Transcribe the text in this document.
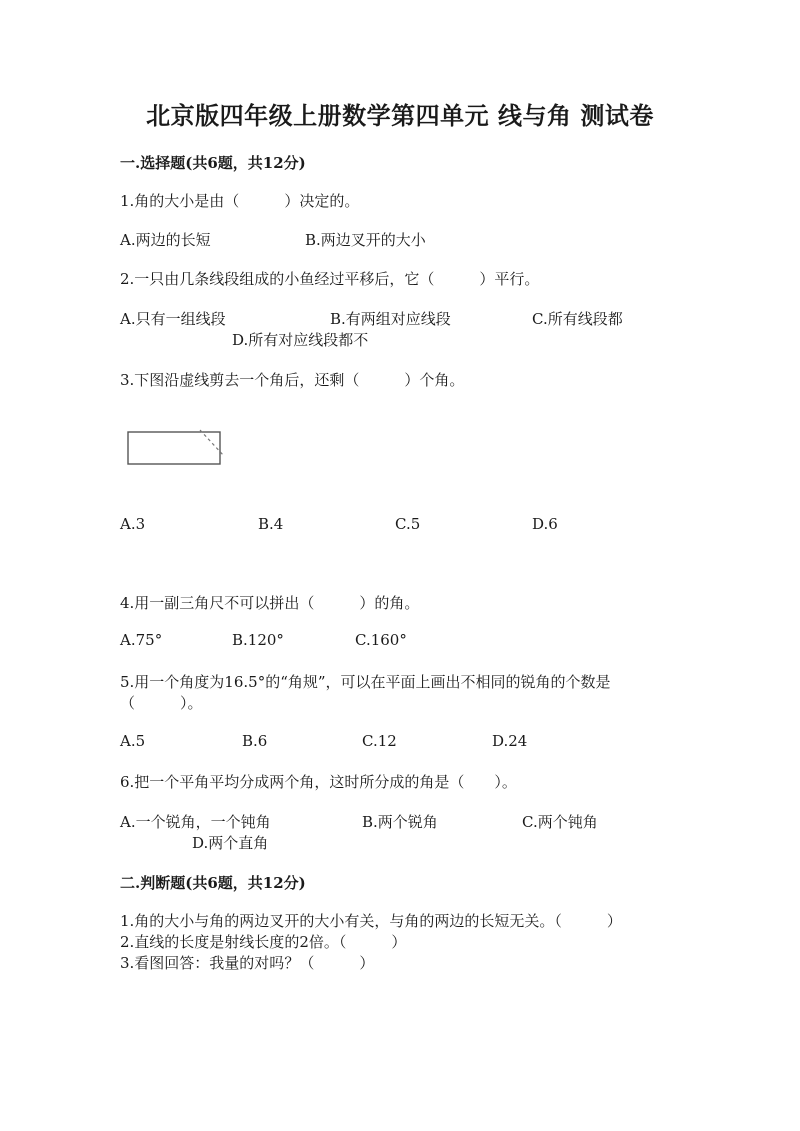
北京版四年级上册数学第四单元 线与角 测试卷
一.选择题(共6题，共12分)
1.角的大小是由（　　　）决定的。
A.两边的长短	B.两边叉开的大小
2.一只由几条线段组成的小鱼经过平移后，它（　　　）平行。
A.只有一组线段	B.有两组对应线段	C.所有线段都
D.所有对应线段都不
3.下图沿虚线剪去一个角后，还剩（　　　）个角。
A.3	B.4	C.5	D.6
4.用一副三角尺不可以拼出（　　　）的角。
A.75°	B.120°	C.160°
5.用一个角度为16.5°的“角规”，可以在平面上画出不相同的锐角的个数是
（　　　）。
A.5	B.6	C.12	D.24
6.把一个平角平均分成两个角，这时所分成的角是（　　）。
A.一个锐角，一个钝角	B.两个锐角	C.两个钝角
D.两个直角
二.判断题(共6题，共12分)
1.角的大小与角的两边叉开的大小有关，与角的两边的长短无关。（　　　）
2.直线的长度是射线长度的2倍。（　　　）
3.看图回答：我量的对吗？（　　　）
